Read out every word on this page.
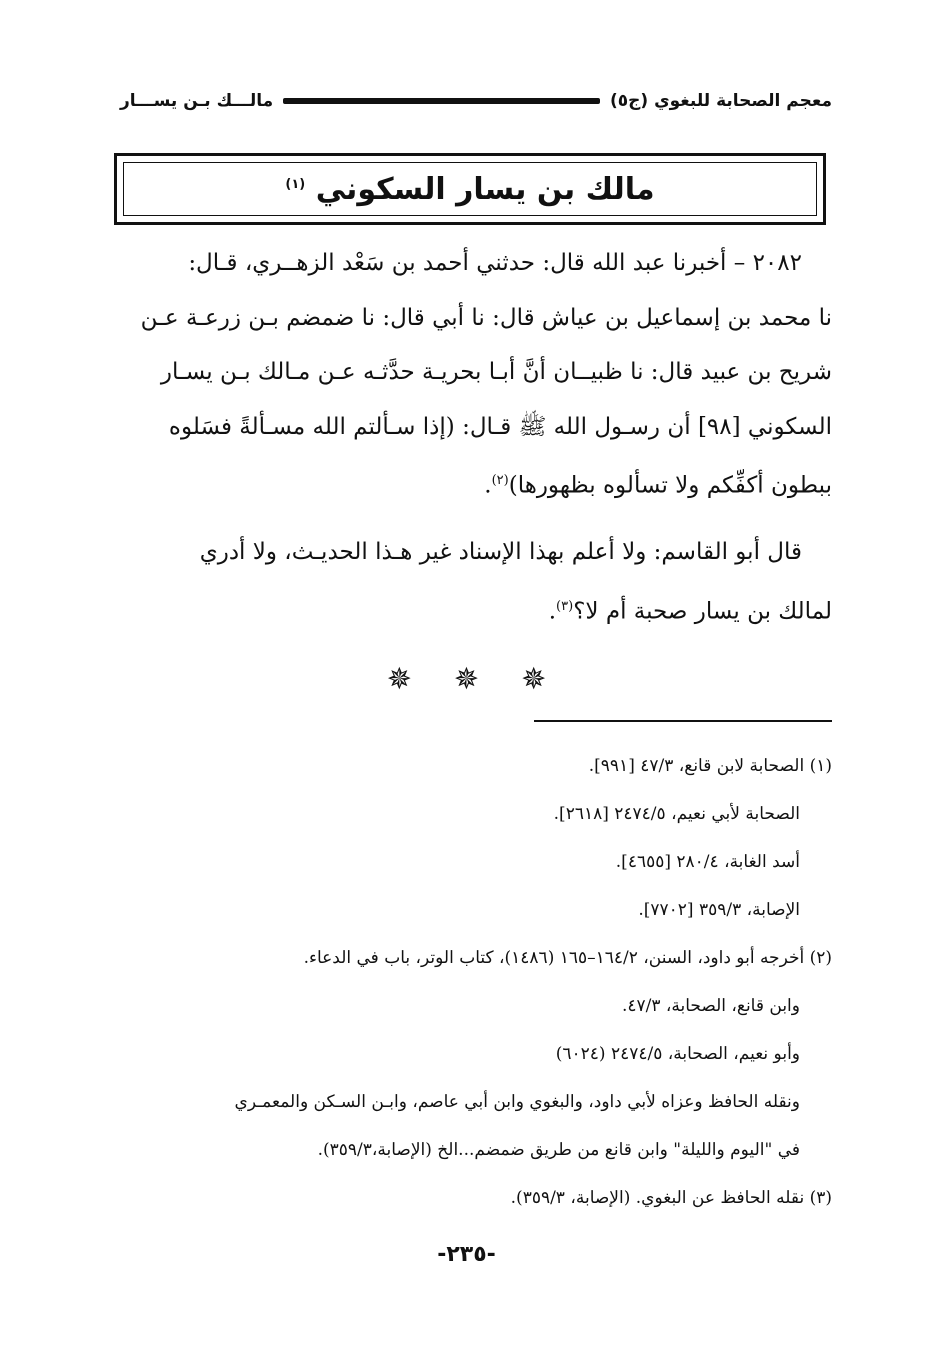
معجم الصحابة للبغوي (ج٥)
مالـــك بـن يســـار
مالك بن يسار السكوني $^{(١)}$

٢٠٨٢ – أخبرنا عبد الله قال: حدثني أحمد بن سَعْد الزهــري، قـال:

نا محمد بن إسماعيل بن عياش قال: نا أبي قال: نا ضمضم بـن زرعـة عـن

شريح بن عبيد قال: نا ظبيــان أنَّ أبـا بحريـة حدَّثـه عـن مـالك بـن يسـار

السكوني [٩٨] أن رسـول الله ﷺ قـال: (إذا سـألتم الله مسـألةً فسَلوه

ببطون أكفِّكم ولا تسألوه بظهورها)$^{(٢)}$.

قال أبو القاسم: ولا أعلم بهذا الإسناد غير هـذا الحديـث، ولا أدري

لمالك بن يسار صحبة أم لا؟$^{(٣)}$.

✵ ✵ ✵

(١) الصحابة لابن قانع، ٤٧/٣ [٩٩١].

الصحابة لأبي نعيم، ٢٤٧٤/٥ [٢٦١٨].

أسد الغابة، ٢٨٠/٤ [٤٦٥٥].

الإصابة، ٣٥٩/٣ [٧٧٠٢].

(٢) أخرجه أبو داود، السنن، ١٦٤/٢–١٦٥ (١٤٨٦)، كتاب الوتر، باب في الدعاء.

وابن قانع، الصحابة، ٤٧/٣.

وأبو نعيم، الصحابة، ٢٤٧٤/٥ (٦٠٢٤)

ونقله الحافظ وعزاه لأبي داود، والبغوي وابن أبي عاصم، وابـن السـكن والمعمـري

في "اليوم والليلة" وابن قانع من طريق ضمضم...الخ (الإصابة،٣٥٩/٣).

(٣) نقله الحافظ عن البغوي. (الإصابة، ٣٥٩/٣).

-٢٣٥-
